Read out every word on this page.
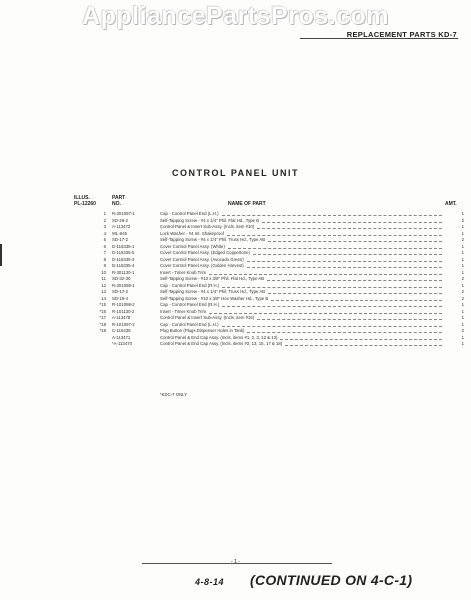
AppliancePartsPros.com
REPLACEMENT PARTS KD-7
CONTROL PANEL UNIT
ILLUS.
PL-12260
PART
NO.	NAME OF PART	AMT.
1 R-301097-1	Cap - Control Panel End (L.H.)	1
2 SD-29-2	Self-Tapping Screw - #4 x 1/4" Phil. Flat Hd., Type B	2
3 A-113472	Control Panel & Insert Sub-Assy. (Incls. item #10)	1
4 WL-645	Lock Washer - #4 Int. Shakeproof	1
5 SD-17-2	Self-Tapping Screw - #4 x 1/4" Phil. Truss Hd., Type AB	2
6 D-115335-1	Cover Control Panel Assy. (White)	1
7 D-115335-5	Cover Control Panel Assy. (Edged Coppertone)	1
8 D-115335-3	Cover Control Panel Assy. (Avocado Green)	1
9 D-115335-4	Cover Control Panel Assy. (Golden Harvest)	1
10 R-301130-1	Insert - Timer Knob Trim	1
11 SD-32-30	Self-Tapping Screw - #10 x 3/8" Phil. Flat Hd., Type AB	2
12 R-301098-1	Cap - Control Panel End (R.H.)	1
13 SD-17-2	Self-Tapping Screw - #4 x 1/4" Phil. Truss Hd., Type AB	2
14 SD-19-4	Self-Tapping Screw - #10 x 3/8" Hex Washer Hd., Type B	2
*15 R-101098-2	Cap - Control Panel End (R.H.)	1
*16 R-101130-2	Insert - Timer Knob Trim	1
*17 A-113478	Control Panel & Insert Sub-Assy. (Incls. item #16)	1
*18 R-101097-2	Cap - Control Panel End (L.H.)	1
*19 C-115439	Plug Button (Plugs Dispenser Holes in Tank)	2
A-113471	Control Panel & End Cap Assy. (Incls. items #1, 2, 3, 12 & 13)	1
*A-113470	Control Panel & End Cap Assy. (Incls. items #2, 13, 15, 17 & 18)	1
*KDC-7 ONLY
- 1 -
4-8-14 (CONTINUED ON 4-C-1)
